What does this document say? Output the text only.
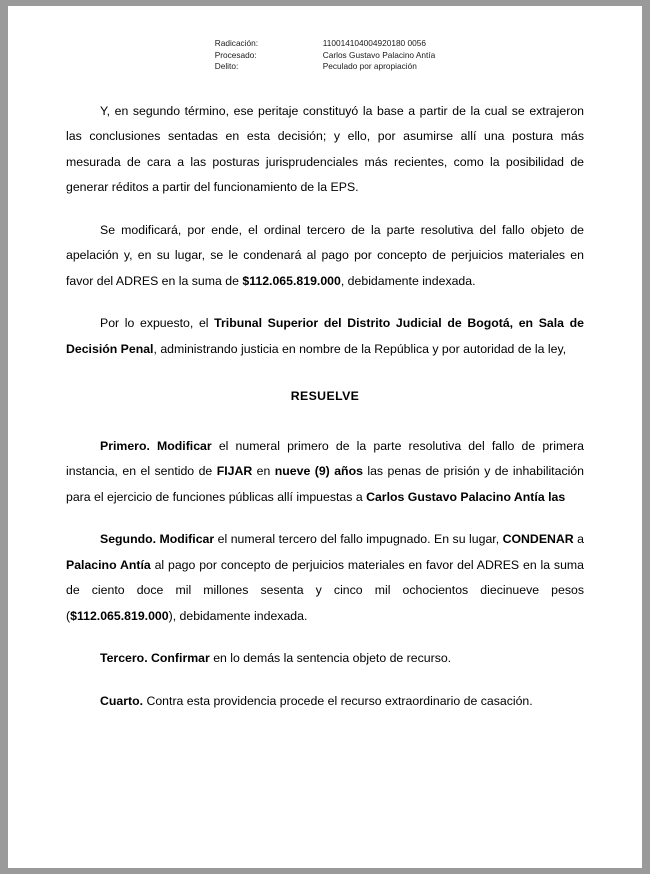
Radicación:	110014104004920180 0056
Procesado:	Carlos Gustavo Palacino Antía
Delito:	Peculado por apropiación

Y, en segundo término, ese peritaje constituyó la base a partir de la cual se extrajeron las conclusiones sentadas en esta decisión; y ello, por asumirse allí una postura más mesurada de cara a las posturas jurisprudenciales más recientes, como la posibilidad de generar réditos a partir del funcionamiento de la EPS.

Se modificará, por ende, el ordinal tercero de la parte resolutiva del fallo objeto de apelación y, en su lugar, se le condenará al pago por concepto de perjuicios materiales en favor del ADRES en la suma de $112.065.819.000, debidamente indexada.

Por lo expuesto, el Tribunal Superior del Distrito Judicial de Bogotá, en Sala de Decisión Penal, administrando justicia en nombre de la República y por autoridad de la ley,

RESUELVE

Primero. Modificar el numeral primero de la parte resolutiva del fallo de primera instancia, en el sentido de FIJAR en nueve (9) años las penas de prisión y de inhabilitación para el ejercicio de funciones públicas allí impuestas a Carlos Gustavo Palacino Antía las

Segundo. Modificar el numeral tercero del fallo impugnado. En su lugar, CONDENAR a Palacino Antía al pago por concepto de perjuicios materiales en favor del ADRES en la suma de ciento doce mil millones sesenta y cinco mil ochocientos diecinueve pesos ($112.065.819.000), debidamente indexada.

Tercero. Confirmar en lo demás la sentencia objeto de recurso.

Cuarto. Contra esta providencia procede el recurso extraordinario de casación.
